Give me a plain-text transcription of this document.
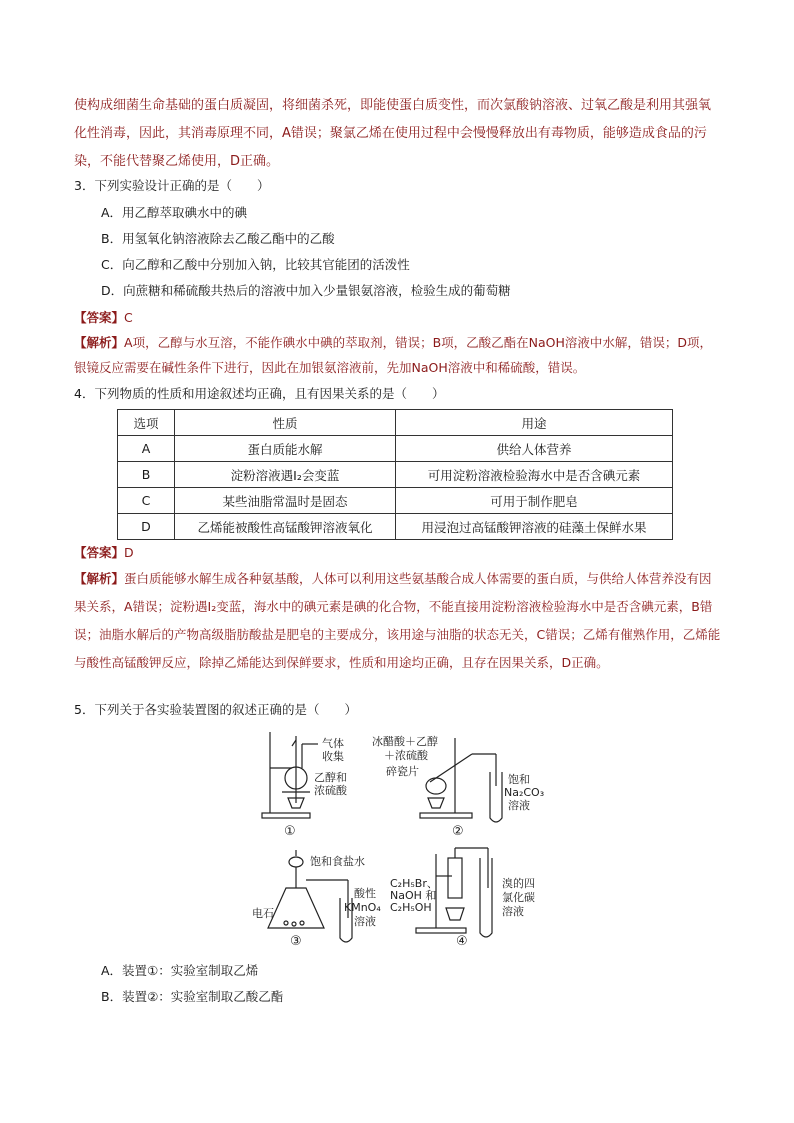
使构成细菌生命基础的蛋白质凝固，将细菌杀死，即能使蛋白质变性，而次氯酸钠溶液、过氧乙酸是利用其强氧化性消毒，因此，其消毒原理不同，A错误；聚氯乙烯在使用过程中会慢慢释放出有毒物质，能够造成食品的污染，不能代替聚乙烯使用，D正确。
3．下列实验设计正确的是（　　）
A．用乙醇萃取碘水中的碘
B．用氢氧化钠溶液除去乙酸乙酯中的乙酸
C．向乙醇和乙酸中分别加入钠，比较其官能团的活泼性
D．向蔗糖和稀硫酸共热后的溶液中加入少量银氨溶液，检验生成的葡萄糖
【答案】C
【解析】A项，乙醇与水互溶，不能作碘水中碘的萃取剂，错误；B项，乙酸乙酯在NaOH溶液中水解，错误；D项，银镜反应需要在碱性条件下进行，因此在加银氨溶液前，先加NaOH溶液中和稀硫酸，错误。
4．下列物质的性质和用途叙述均正确，且有因果关系的是（　　）
选项	性质	用途
A	蛋白质能水解	供给人体营养
B	淀粉溶液遇I₂会变蓝	可用淀粉溶液检验海水中是否含碘元素
C	某些油脂常温时是固态	可用于制作肥皂
D	乙烯能被酸性高锰酸钾溶液氧化	用浸泡过高锰酸钾溶液的硅藻土保鲜水果
【答案】D
【解析】蛋白质能够水解生成各种氨基酸，人体可以利用这些氨基酸合成人体需要的蛋白质，与供给人体营养没有因果关系，A错误；淀粉遇I₂变蓝，海水中的碘元素是碘的化合物，不能直接用淀粉溶液检验海水中是否含碘元素，B错误；油脂水解后的产物高级脂肪酸盐是肥皂的主要成分，该用途与油脂的状态无关，C错误；乙烯有催熟作用，乙烯能与酸性高锰酸钾反应，除掉乙烯能达到保鲜要求，性质和用途均正确，且存在因果关系，D正确。
5．下列关于各实验装置图的叙述正确的是（　　）
气体
收集
乙醇和
浓硫酸
①
冰醋酸＋乙醇
＋浓硫酸
碎瓷片
饱和
Na₂CO₃
溶液
②
饱和食盐水
电石
酸性
KMnO₄
溶液
③
C₂H₅Br、
NaOH 和
C₂H₅OH
溴的四
氯化碳
溶液
④
A．装置①：实验室制取乙烯
B．装置②：实验室制取乙酸乙酯
